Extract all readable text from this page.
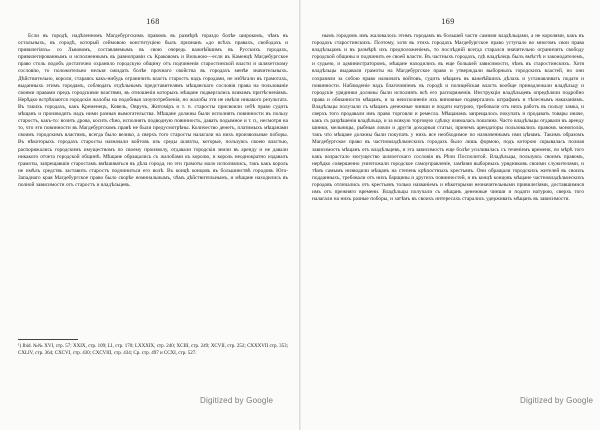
168
Если въ городѣ, надѣленномъ Магдебургскимъ правомъ въ размѣрѣ гораздо болѣе широкомъ, чѣмъ въ остальныхъ, въ городѣ, который сеймовою конституціею былъ признанъ «до всѣхъ правахъ, свободахъ и привилегіяхъ» со Львовомъ, составляемымъ въ свою очередь важнѣйшимъ въ Русскихъ городахъ, привилегированнымъ и исполненнымъ въ равноправіи съ Краковомъ и Вильною—если въ Каменцѣ Магдебургское право столь подобъ достаточно охранило городскую общину отъ подчиненія старостинской власти и шляхетскому сословію, то положительно нельзя ожидать болѣе прочнаго свойства въ городахъ менѣе значительныхъ. Дѣйствительно, короли, стараясь какъ-нибудь ограничить власть старостъ надъ городами, не избѣгали въ грамотахъ, выданныхъ этимъ городамъ, соблюдать отдѣльнымъ представителямъ мѣщанскаго сословія права на пользованіе своими правами предъ городскими властями, въ отношеніи которыхъ мѣщане подвергались всякимъ притѣсненіямъ. Нерѣдко встрѣчаются городскія жалобы на подобныя злоупотребленія, но жалобы эти не имѣли никакого результата. Въ такихъ городахъ, какъ Кременецъ, Ковель, Овручъ, Житоміръ и т. п. старосты присвоили себѣ право судить мѣщанъ и производить надъ ними разныя вымогательства. Мѣщане должны были исполнять повинности въ пользу старостъ, какъ-то: возить дрова, косить сѣно, исполнять подводную повинность, давать подымное и т. п., несмотря на то, что эти повинности въ Магдебургскомъ правѣ не были предусмотрѣны. Количество денегъ, платимыхъ мѣщанами своимъ городскимъ властямъ, всегда было велико, а сверхъ того старосты налагали на нихъ произвольные поборы. Въ нѣкоторыхъ городахъ старосты назначали войтовъ изъ среды шляхты, которые, пользуясь своею властью, распоряжались городскимъ имуществомъ по своему произволу, отдавали городскія земли въ аренду и не давали никакого отчета городской общинѣ. Мѣщане обращались съ жалобами къ королю, и король неоднократно издавалъ грамоты, запрещавшія старостамъ вмѣшиваться въ дѣла города, но эти грамоты мало исполнялись, такъ какъ король не имѣлъ средствъ заставить старостъ подчиниться его волѣ. Въ концѣ концовъ въ большинствѣ городовъ Юго-Западнаго края Магдебургское право было скорѣе номинальнымъ, чѣмъ дѣйствительнымъ, и мѣщане находились въ полной зависимости отъ старостъ и владѣльцевъ.
¹) Ibid. №№ XVI, стр. 57; XXIX, стр. 109; LI, стр. 170; LXXXIX, стр. 240; XCIII, стр. 249; XCVII, стр. 252; CXXXVII стр. 353; CXLIV, стр. 364; CXCVI, стр. 430; CXCVIII, стр. 434; Ср. стр. 497 и CCXI, стр. 527.
169
нымъ городомъ имъ жаловалось этимъ городамъ въ большей части самими владѣльцами, а не королями, какъ въ городахъ старостинскихъ. Поэтому, хотя въ этихъ городахъ Магдебургское право уступало во многомъ свои права владѣльцамъ и въ размѣрѣ ихъ предположеніемъ, то послѣдній всегда старался значительно ограничить свободу городской общины и подчинить ее своей власти. Въ частныхъ городахъ, гдѣ владѣлецъ былъ вмѣстѣ и законодателемъ, и судьею, и администраторомъ, мѣщане находились въ еще большей зависимости, чѣмъ въ старостинскихъ. Хотя владѣльцы выдавали грамоты на Магдебургское право и утверждали выборныхъ городскихъ властей, но они сохраняли за собою право назначать войтовъ, судить мѣщанъ въ важнѣйшихъ дѣлахъ и устанавливать подати и повинности. Наблюденіе надъ благочиніемъ въ городѣ и полицейская власть вообще принадлежали владѣльцу и городскіе урядники должны были исполнять всѣ его распоряженія. Инструкціи владѣльцевъ опредѣляли подробно права и обязанности мѣщанъ, и за неисполненіе ихъ виновные подвергались штрафамъ и тѣлеснымъ наказаніямъ. Владѣльцы получали съ мѣщанъ денежные чинши и подати натурою, требовали отъ нихъ работъ въ пользу замка, и сверхъ того продавали имъ право торговли и ремесла. Мѣщанамъ запрещалось покупать и продавать товары иначе, какъ съ разрѣшенія владѣльца, и за всякую торговую сдѣлку взималась пошлина. Часто владѣльцы отдавали въ аренду шинки, мельницы, рыбныя ловли и другія доходныя статьи, причемъ арендаторы пользовались правомъ монополіи, такъ что мѣщане должны были покупать у нихъ все необходимое по назначеннымъ ими цѣнамъ. Такимъ образомъ Магдебургское право въ частновладѣльческихъ городахъ было лишь формою, подъ которою скрывалась полная зависимость мѣщанъ отъ владѣльцевъ, и эта зависимость еще болѣе усиливалась съ теченіемъ времени, по мѣрѣ того какъ возрастало могущество шляхетскаго сословія въ Рѣчи Посполитой. Владѣльцы, пользуясь своимъ правомъ, нерѣдко совершенно уничтожали городское самоуправленіе, замѣняя выборныхъ урядниковъ своими служителями, и тѣмъ самымъ низводили мѣщанъ на степень крѣпостныхъ крестьянъ. Они обращали городскихъ жителей въ своихъ подданныхъ, требовали отъ нихъ барщины и другихъ повинностей, и въ концѣ концовъ мѣщане частновладѣльческихъ городовъ отличались отъ крестьянъ только названіемъ и нѣкоторыми незначительными привилегіями, доставшимися имъ отъ прежняго времени. Владѣльцы получали съ мѣщанъ денежные чинши и подати натурою, сверхъ того налагали на нихъ разные поборы, и затѣмъ въ своихъ интересахъ старались удерживать мѣщанъ въ зависимости.
Digitized by Google	Digitized by Google
